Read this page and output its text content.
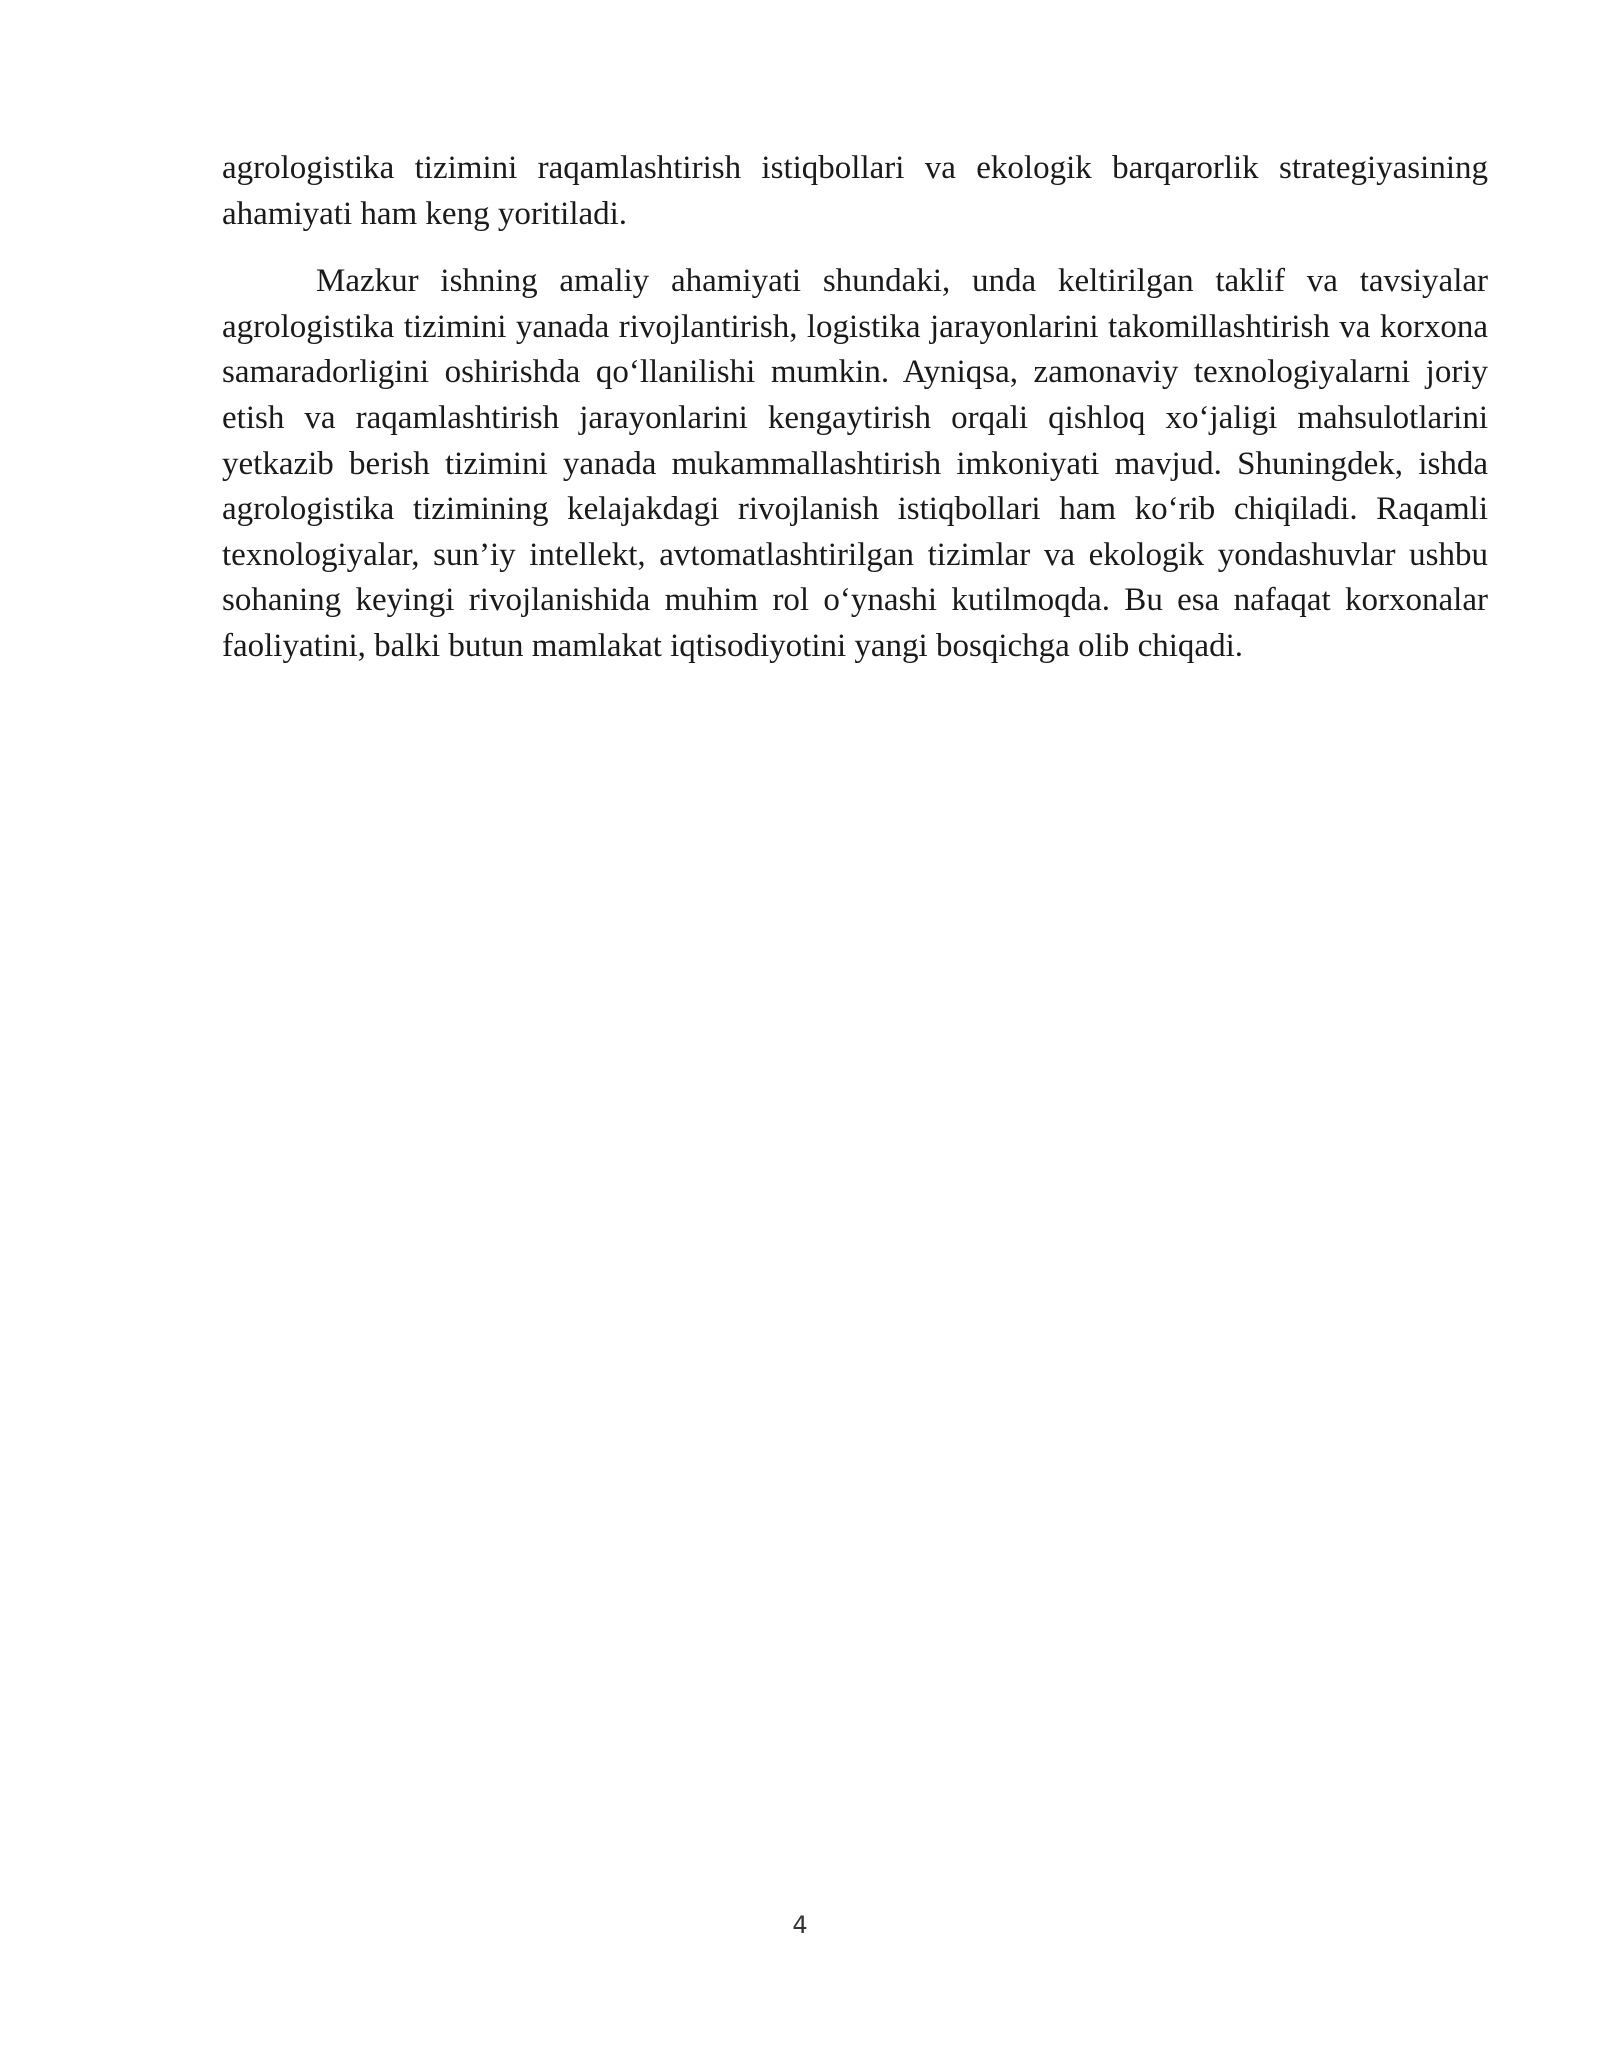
agrologistika tizimini raqamlashtirish istiqbollari va ekologik barqarorlik strategiyasining ahamiyati ham keng yoritiladi.

Mazkur ishning amaliy ahamiyati shundaki, unda keltirilgan taklif va tavsiyalar agrologistika tizimini yanada rivojlantirish, logistika jarayonlarini takomillashtirish va korxona samaradorligini oshirishda qo‘llanilishi mumkin. Ayniqsa, zamonaviy texnologiyalarni joriy etish va raqamlashtirish jarayonlarini kengaytirish orqali qishloq xo‘jaligi mahsulotlarini yetkazib berish tizimini yanada mukammallashtirish imkoniyati mavjud. Shuningdek, ishda agrologistika tizimining kelajakdagi rivojlanish istiqbollari ham ko‘rib chiqiladi. Raqamli texnologiyalar, sun’iy intellekt, avtomatlashtirilgan tizimlar va ekologik yondashuvlar ushbu sohaning keyingi rivojlanishida muhim rol o‘ynashi kutilmoqda. Bu esa nafaqat korxonalar faoliyatini, balki butun mamlakat iqtisodiyotini yangi bosqichga olib chiqadi.

4
